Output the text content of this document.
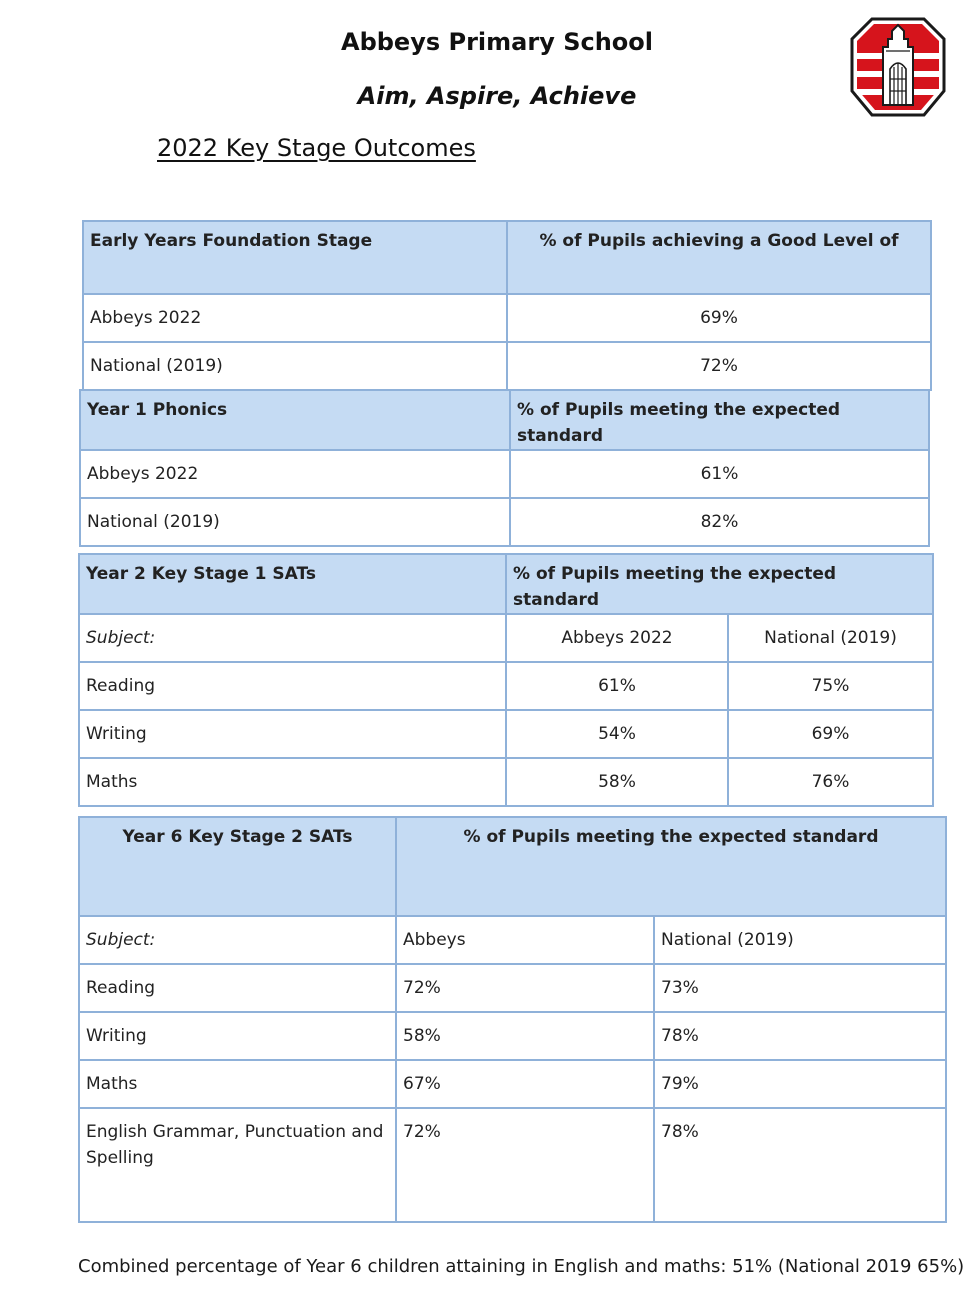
Abbeys Primary School
Aim, Aspire, Achieve
2022 Key Stage Outcomes
Early Years Foundation Stage	% of Pupils achieving a Good Level of
Abbeys 2022	69%
National (2019)	72%
Year 1 Phonics	% of Pupils meeting the expected standard
Abbeys 2022	61%
National (2019)	82%
Year 2 Key Stage 1 SATs	% of Pupils meeting the expected standard	
Subject:	Abbeys 2022	National (2019)
Reading	61%	75%
Writing	54%	69%
Maths	58%	76%
Year 6 Key Stage 2 SATs	% of Pupils meeting the expected standard	
Subject:	Abbeys	National (2019)
Reading	72%	73%
Writing	58%	78%
Maths	67%	79%
English Grammar, Punctuation and Spelling	72%	78%
Combined percentage of Year 6 children attaining in English and maths: 51% (National 2019 65%)
